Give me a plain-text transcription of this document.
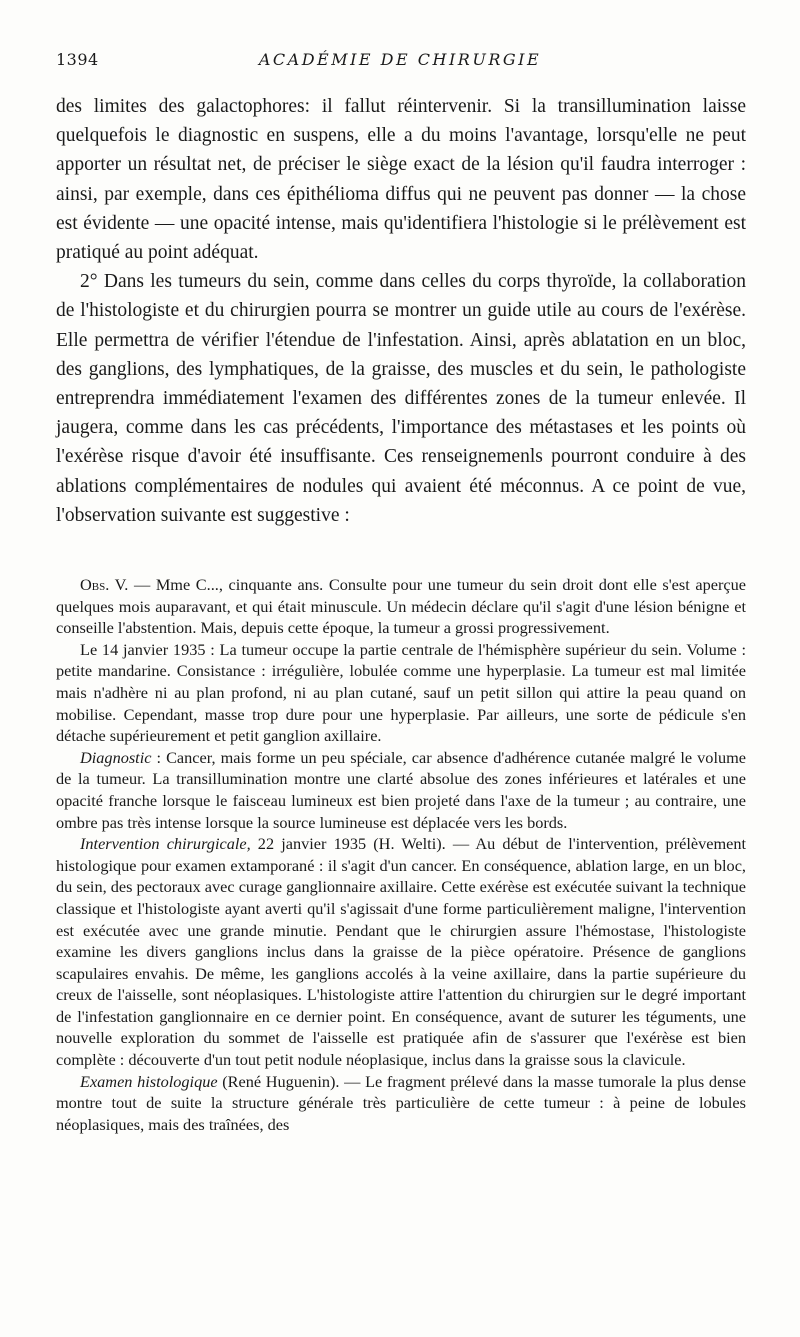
1394	ACADÉMIE DE CHIRURGIE

des limites des galactophores: il fallut réintervenir. Si la transillumination laisse quelquefois le diagnostic en suspens, elle a du moins l'avantage, lorsqu'elle ne peut apporter un résultat net, de préciser le siège exact de la lésion qu'il faudra interroger : ainsi, par exemple, dans ces épithélioma diffus qui ne peuvent pas donner — la chose est évidente — une opacité intense, mais qu'identifiera l'histologie si le prélèvement est pratiqué au point adéquat.

2° Dans les tumeurs du sein, comme dans celles du corps thyroïde, la collaboration de l'histologiste et du chirurgien pourra se montrer un guide utile au cours de l'exérèse. Elle permettra de vérifier l'étendue de l'infestation. Ainsi, après ablatation en un bloc, des ganglions, des lymphatiques, de la graisse, des muscles et du sein, le pathologiste entreprendra immédiatement l'examen des différentes zones de la tumeur enlevée. Il jaugera, comme dans les cas précédents, l'importance des métastases et les points où l'exérèse risque d'avoir été insuffisante. Ces renseignemenls pourront conduire à des ablations complémentaires de nodules qui avaient été méconnus. A ce point de vue, l'observation suivante est suggestive :

Obs. V. — Mme C..., cinquante ans. Consulte pour une tumeur du sein droit dont elle s'est aperçue quelques mois auparavant, et qui était minuscule. Un médecin déclare qu'il s'agit d'une lésion bénigne et conseille l'abstention. Mais, depuis cette époque, la tumeur a grossi progressivement.

Le 14 janvier 1935 : La tumeur occupe la partie centrale de l'hémisphère supérieur du sein. Volume : petite mandarine. Consistance : irrégulière, lobulée comme une hyperplasie. La tumeur est mal limitée mais n'adhère ni au plan profond, ni au plan cutané, sauf un petit sillon qui attire la peau quand on mobilise. Cependant, masse trop dure pour une hyperplasie. Par ailleurs, une sorte de pédicule s'en détache supérieurement et petit ganglion axillaire.

Diagnostic : Cancer, mais forme un peu spéciale, car absence d'adhérence cutanée malgré le volume de la tumeur. La transillumination montre une clarté absolue des zones inférieures et latérales et une opacité franche lorsque le faisceau lumineux est bien projeté dans l'axe de la tumeur ; au contraire, une ombre pas très intense lorsque la source lumineuse est déplacée vers les bords.

Intervention chirurgicale, 22 janvier 1935 (H. Welti). — Au début de l'intervention, prélèvement histologique pour examen extamporané : il s'agit d'un cancer. En conséquence, ablation large, en un bloc, du sein, des pectoraux avec curage ganglionnaire axillaire. Cette exérèse est exécutée suivant la technique classique et l'histologiste ayant averti qu'il s'agissait d'une forme particulièrement maligne, l'intervention est exécutée avec une grande minutie. Pendant que le chirurgien assure l'hémostase, l'histologiste examine les divers ganglions inclus dans la graisse de la pièce opératoire. Présence de ganglions scapulaires envahis. De même, les ganglions accolés à la veine axillaire, dans la partie supérieure du creux de l'aisselle, sont néoplasiques. L'histologiste attire l'attention du chirurgien sur le degré important de l'infestation ganglionnaire en ce dernier point. En conséquence, avant de suturer les téguments, une nouvelle exploration du sommet de l'aisselle est pratiquée afin de s'assurer que l'exérèse est bien complète : découverte d'un tout petit nodule néoplasique, inclus dans la graisse sous la clavicule.

Examen histologique (René Huguenin). — Le fragment prélevé dans la masse tumorale la plus dense montre tout de suite la structure générale très particulière de cette tumeur : à peine de lobules néoplasiques, mais des traînées, des
